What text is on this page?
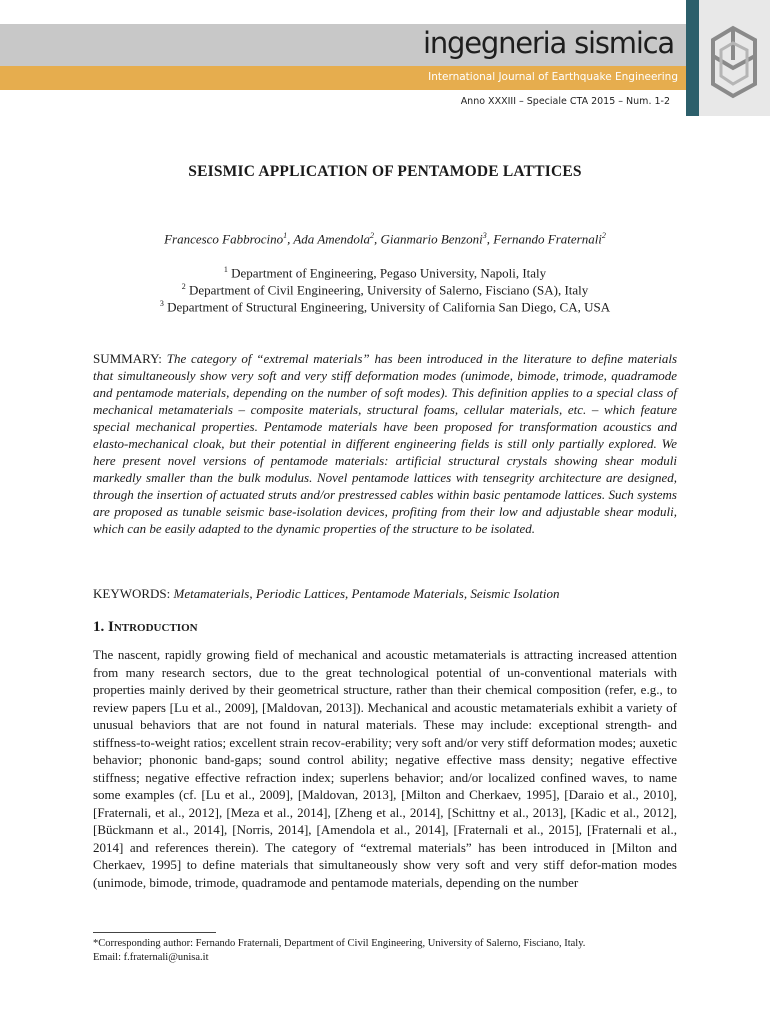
ingegneria sismica
International Journal of Earthquake Engineering
Anno XXXIII – Speciale CTA 2015 – Num. 1-2
SEISMIC APPLICATION OF PENTAMODE LATTICES
Francesco Fabbrocino$^1$, Ada Amendola$^2$, Gianmario Benzoni$^3$, Fernando Fraternali$^2$
$^1$ Department of Engineering, Pegaso University, Napoli, Italy
$^2$ Department of Civil Engineering, University of Salerno, Fisciano (SA), Italy
$^3$ Department of Structural Engineering, University of California San Diego, CA, USA
SUMMARY: The category of “extremal materials” has been introduced in the literature to define materials that simultaneously show very soft and very stiff deformation modes (unimode, bimode, trimode, quadramode and pentamode materials, depending on the number of soft modes). This definition applies to a special class of mechanical metamaterials – composite materials, structural foams, cellular materials, etc. – which feature special mechanical properties. Pentamode materials have been proposed for transformation acoustics and elasto-mechanical cloak, but their potential in different engineering fields is still only partially explored. We here present novel versions of pentamode materials: artificial structural crystals showing shear moduli markedly smaller than the bulk modulus. Novel pentamode lattices with tensegrity architecture are designed, through the insertion of actuated struts and/or prestressed cables within basic pentamode lattices. Such systems are proposed as tunable seismic base-isolation devices, profiting from their low and adjustable shear moduli, which can be easily adapted to the dynamic properties of the structure to be isolated.
KEYWORDS: Metamaterials, Periodic Lattices, Pentamode Materials, Seismic Isolation
1. Introduction
The nascent, rapidly growing field of mechanical and acoustic metamaterials is attracting increased attention from many research sectors, due to the great technological potential of un-conventional materials with properties mainly derived by their geometrical structure, rather than their chemical composition (refer, e.g., to review papers [Lu et al., 2009], [Maldovan, 2013]). Mechanical and acoustic metamaterials exhibit a variety of unusual behaviors that are not found in natural materials. These may include: exceptional strength- and stiffness-to-weight ratios; excellent strain recov-erability; very soft and/or very stiff deformation modes; auxetic behavior; phononic band-gaps; sound control ability; negative effective mass density; negative effective stiffness; negative effective refraction index; superlens behavior; and/or localized confined waves, to name some examples (cf. [Lu et al., 2009], [Maldovan, 2013], [Milton and Cherkaev, 1995], [Daraio et al., 2010], [Fraternali, et al., 2012], [Meza et al., 2014], [Zheng et al., 2014], [Schittny et al., 2013], [Kadic et al., 2012], [Bückmann et al., 2014], [Norris, 2014], [Amendola et al., 2014], [Fraternali et al., 2015], [Fraternali et al., 2014] and references therein). The category of “extremal materials” has been introduced in [Milton and Cherkaev, 1995] to define materials that simultaneously show very soft and very stiff defor-mation modes (unimode, bimode, trimode, quadramode and pentamode materials, depending on the number
*Corresponding author: Fernando Fraternali, Department of Civil Engineering, University of Salerno, Fisciano, Italy.
Email: f.fraternali@unisa.it
